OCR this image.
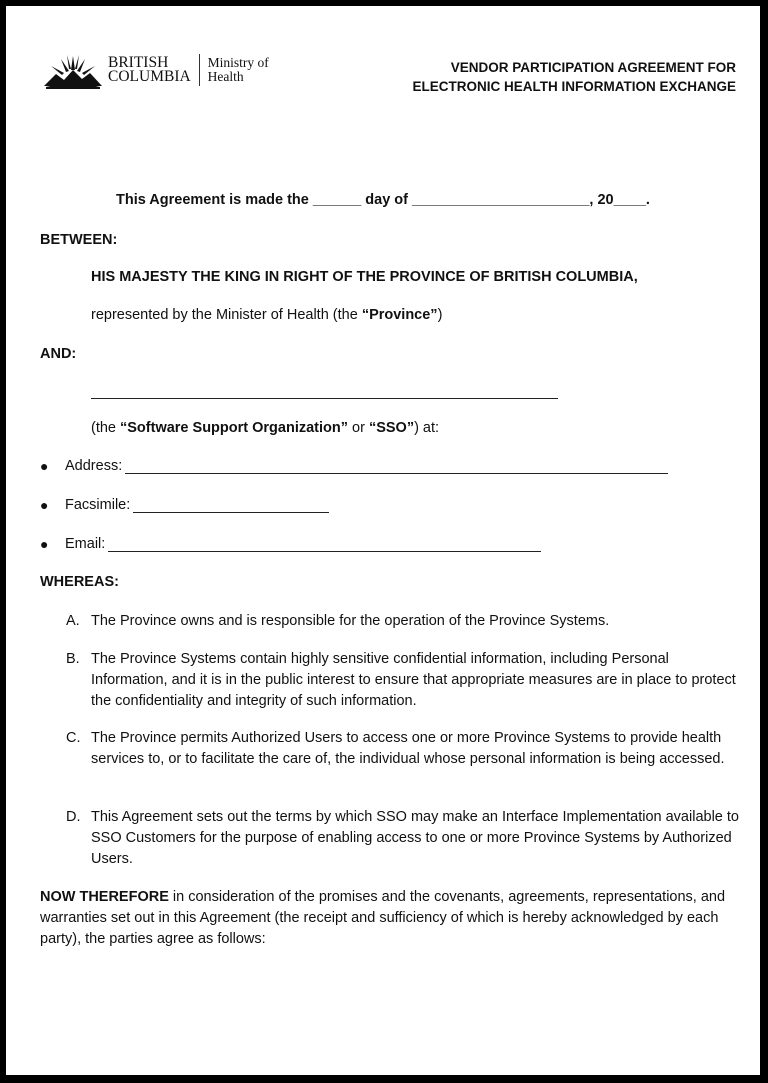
BRITISH
COLUMBIA
Ministry of
Health
VENDOR PARTICIPATION AGREEMENT FOR
ELECTRONIC HEALTH INFORMATION EXCHANGE
This Agreement is made the ______ day of ______________________, 20____.
BETWEEN:
HIS MAJESTY THE KING IN RIGHT OF THE PROVINCE OF BRITISH COLUMBIA,
represented by the Minister of Health (the “Province”)
AND:
(the “Software Support Organization” or “SSO”) at:
●	Address:
●	Facsimile:
●	Email:
WHEREAS:
A. The Province owns and is responsible for the operation of the Province Systems.
B. The Province Systems contain highly sensitive confidential information, including Personal Information, and it is in the public interest to ensure that appropriate measures are in place to protect the confidentiality and integrity of such information.
C. The Province permits Authorized Users to access one or more Province Systems to provide health services to, or to facilitate the care of, the individual whose personal information is being accessed.
D. This Agreement sets out the terms by which SSO may make an Interface Implementation available to SSO Customers for the purpose of enabling access to one or more Province Systems by Authorized Users.
NOW THEREFORE in consideration of the promises and the covenants, agreements, representations, and warranties set out in this Agreement (the receipt and sufficiency of which is hereby acknowledged by each party), the parties agree as follows:
